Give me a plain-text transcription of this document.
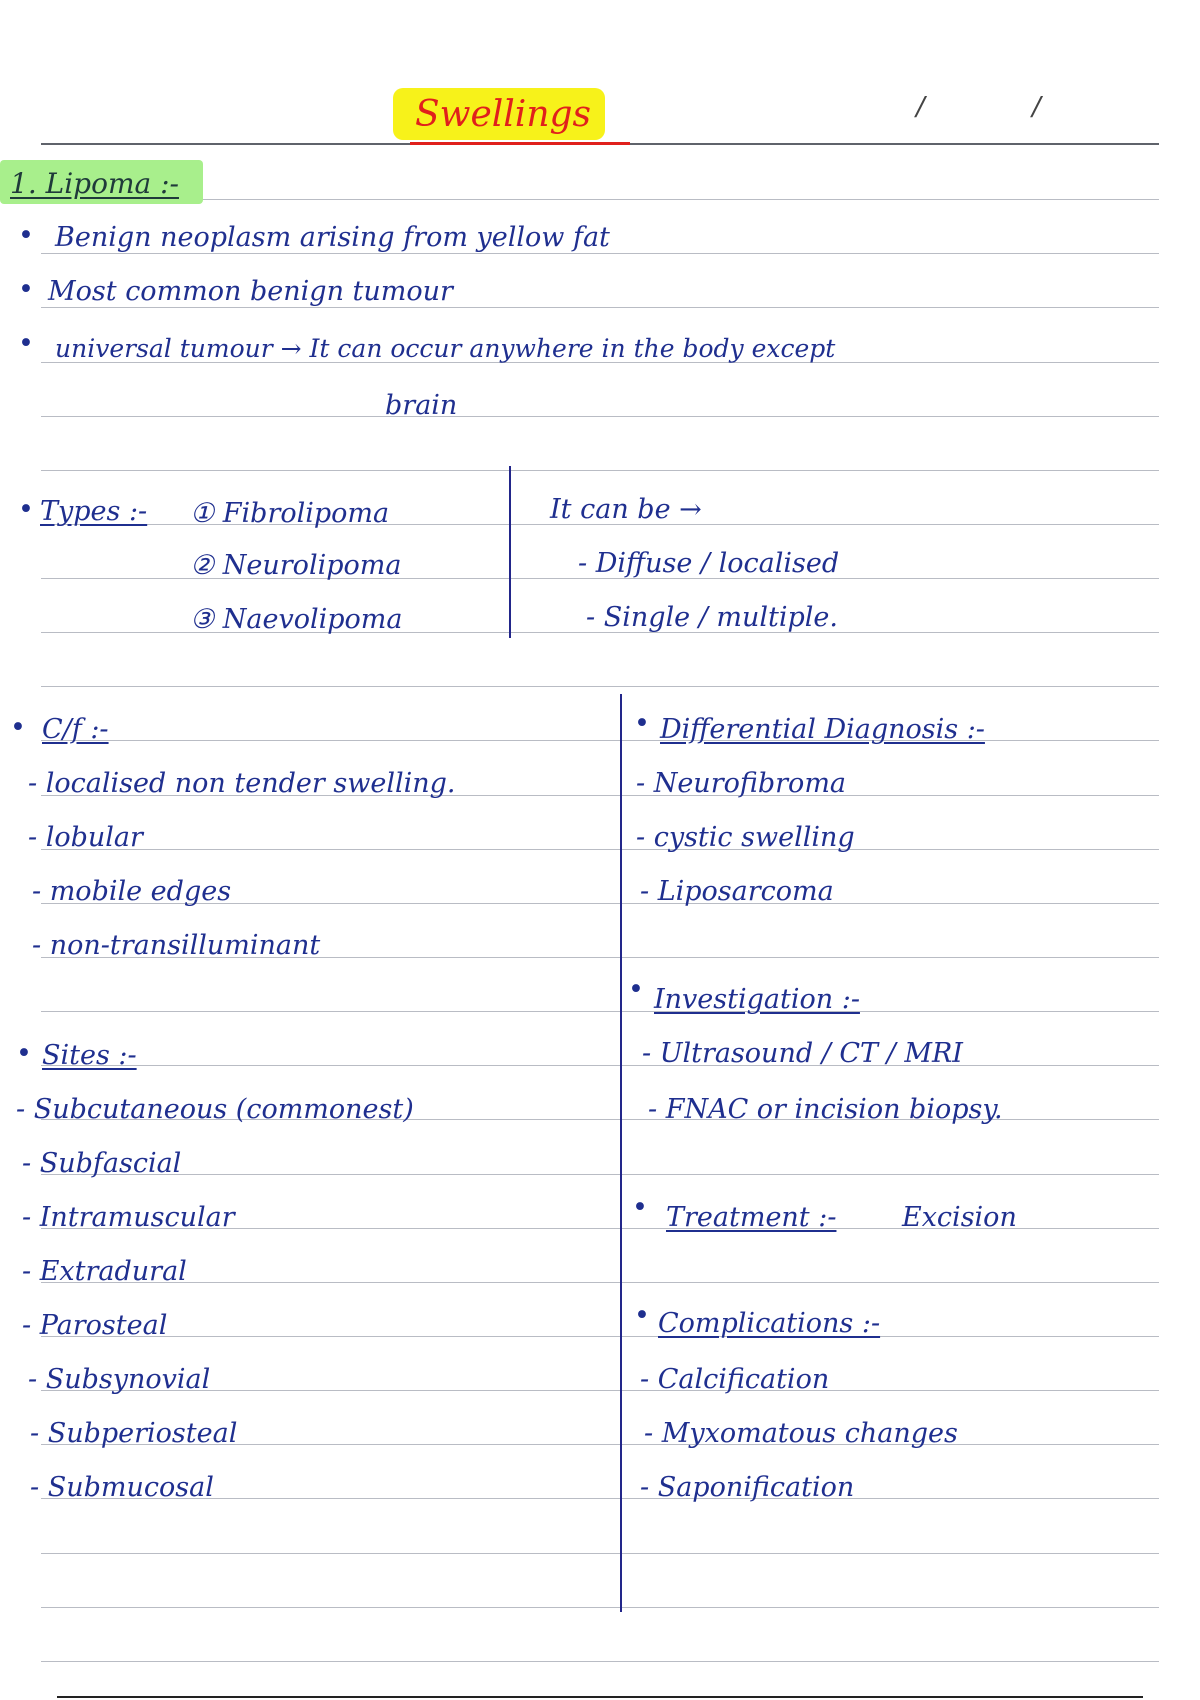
Swellings	/	/
1. Lipoma :-
• Benign neoplasm arising from yellow fat
• Most common benign tumour
• universal tumour → It can occur anywhere in the body except
brain
• Types :- ① Fibrolipoma
② Neurolipoma
③ Naevolipoma
It can be →
- Diffuse / localised
- Single / multiple.
• C/f :-
- localised non tender swelling.
- lobular
- mobile edges
- non-transilluminant
• Sites :-
- Subcutaneous (commonest)
- Subfascial
- Intramuscular
- Extradural
- Parosteal
- Subsynovial
- Subperiosteal
- Submucosal
• Differential Diagnosis :-
- Neurofibroma
- cystic swelling
- Liposarcoma
• Investigation :-
- Ultrasound / CT / MRI
- FNAC or incision biopsy.
• Treatment :- Excision
• Complications :-
- Calcification
- Myxomatous changes
- Saponification
